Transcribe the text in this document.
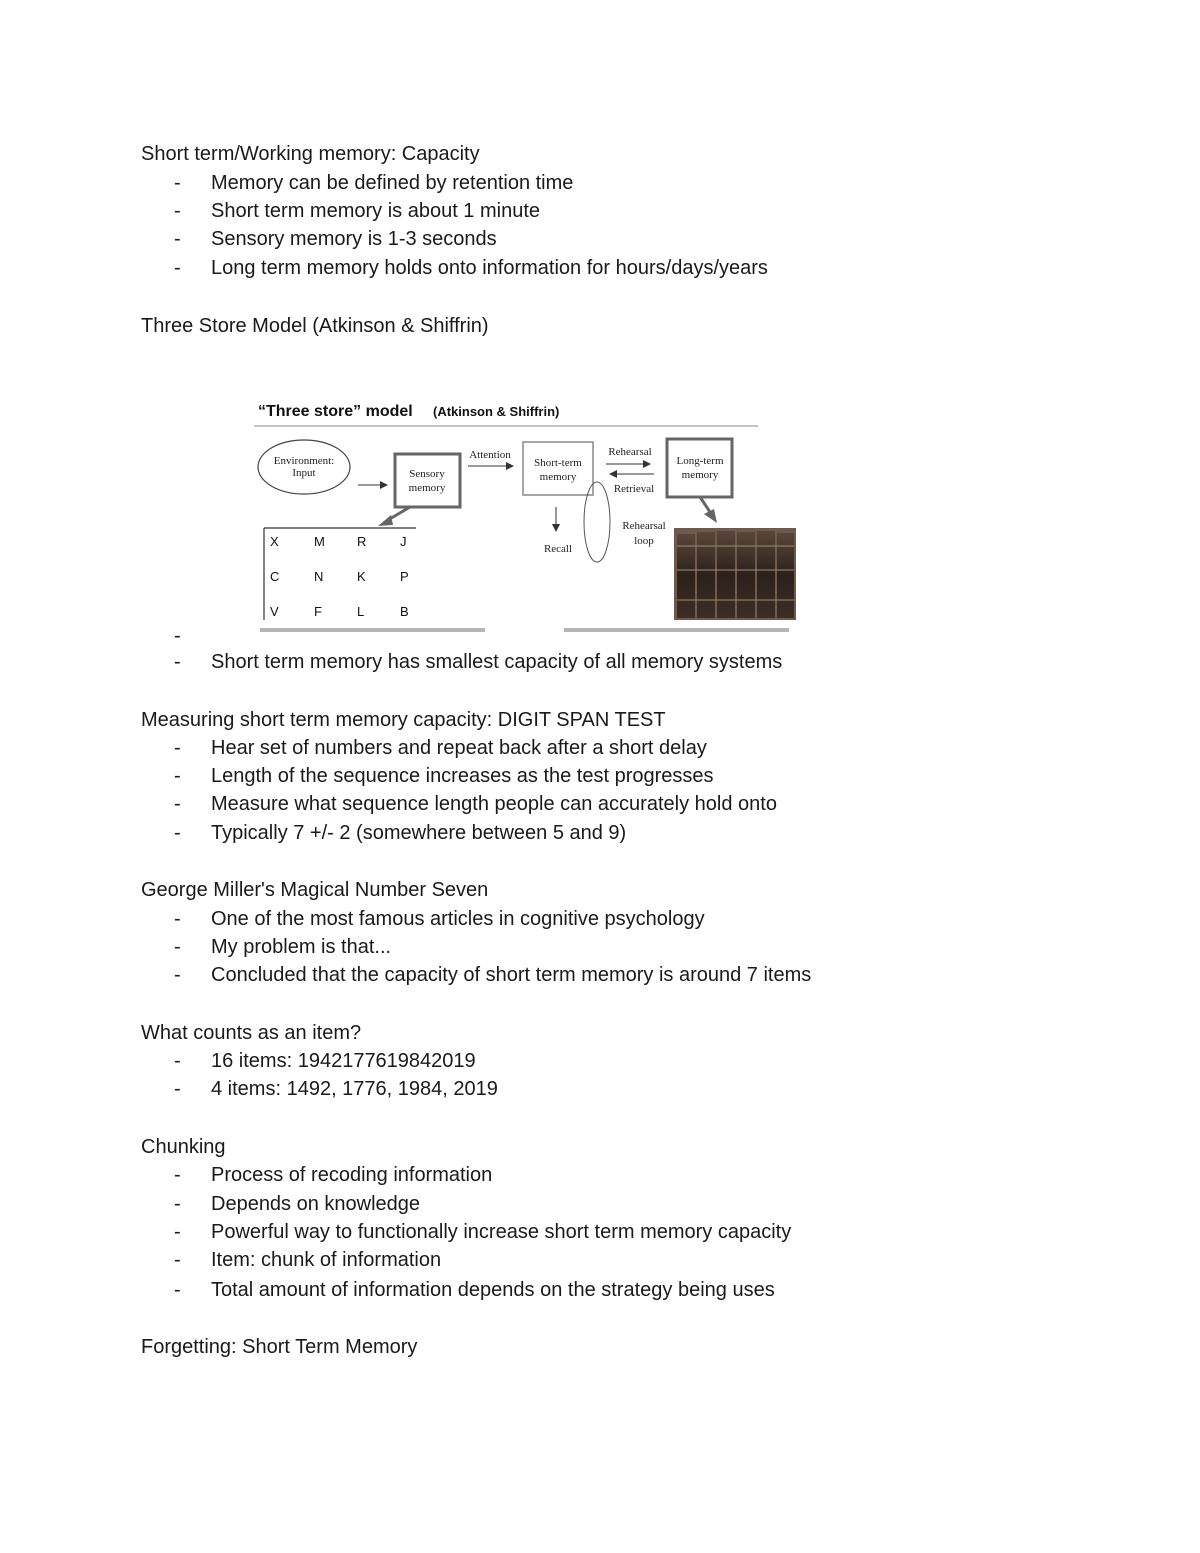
Short term/Working memory: Capacity
- Memory can be defined by retention time
- Short term memory is about 1 minute
- Sensory memory is 1-3 seconds
- Long term memory holds onto information for hours/days/years
Three Store Model (Atkinson & Shiffrin)
“Three store” model (Atkinson & Shiffrin)
Environment:
Input	Sensory
memory
Attention
Short-term
memory
Rehearsal
Retrieval
Long-term
memory
Recall
Rehearsal
loop
X	M R	J
C	N	K	P
V	F	L	B
-
- Short term memory has smallest capacity of all memory systems
Measuring short term memory capacity: DIGIT SPAN TEST
- Hear set of numbers and repeat back after a short delay
- Length of the sequence increases as the test progresses
- Measure what sequence length people can accurately hold onto
- Typically 7 +/- 2 (somewhere between 5 and 9)
George Miller's Magical Number Seven
- One of the most famous articles in cognitive psychology
- My problem is that...
- Concluded that the capacity of short term memory is around 7 items
What counts as an item?
- 16 items: 1942177619842019
- 4 items: 1492, 1776, 1984, 2019
Chunking
- Process of recoding information
- Depends on knowledge
- Powerful way to functionally increase short term memory capacity
- Item: chunk of information
- Total amount of information depends on the strategy being uses
Forgetting: Short Term Memory
